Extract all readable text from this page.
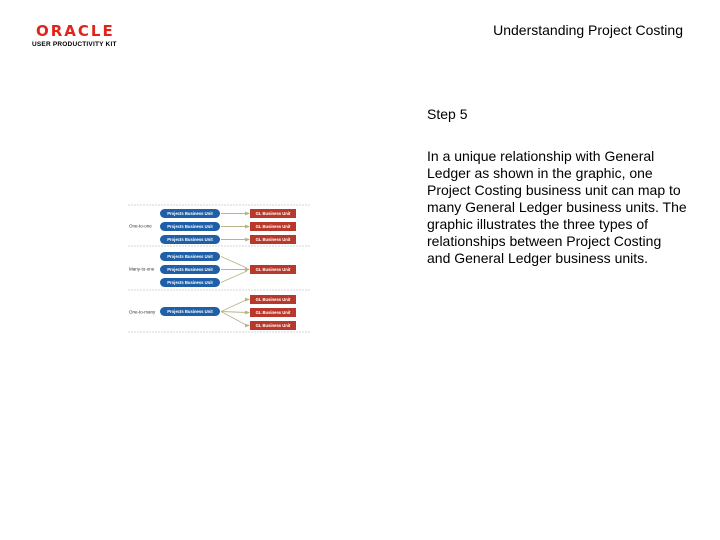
ORACLE
USER PRODUCTIVITY KIT
Understanding Project Costing
One-to-one
Projects Business Unit
Projects Business Unit
Projects Business Unit
GL Business Unit
GL Business Unit
GL Business Unit
Many-to-one
Projects Business Unit
Projects Business Unit
Projects Business Unit
GL Business Unit
One-to-many	Projects Business Unit
GL Business Unit
GL Business Unit
GL Business Unit
Step 5
In a unique relationship with General Ledger as shown in the graphic, one Project Costing business unit can map to many General Ledger business units. The graphic illustrates the three types of relationships between Project Costing and General Ledger business units.
